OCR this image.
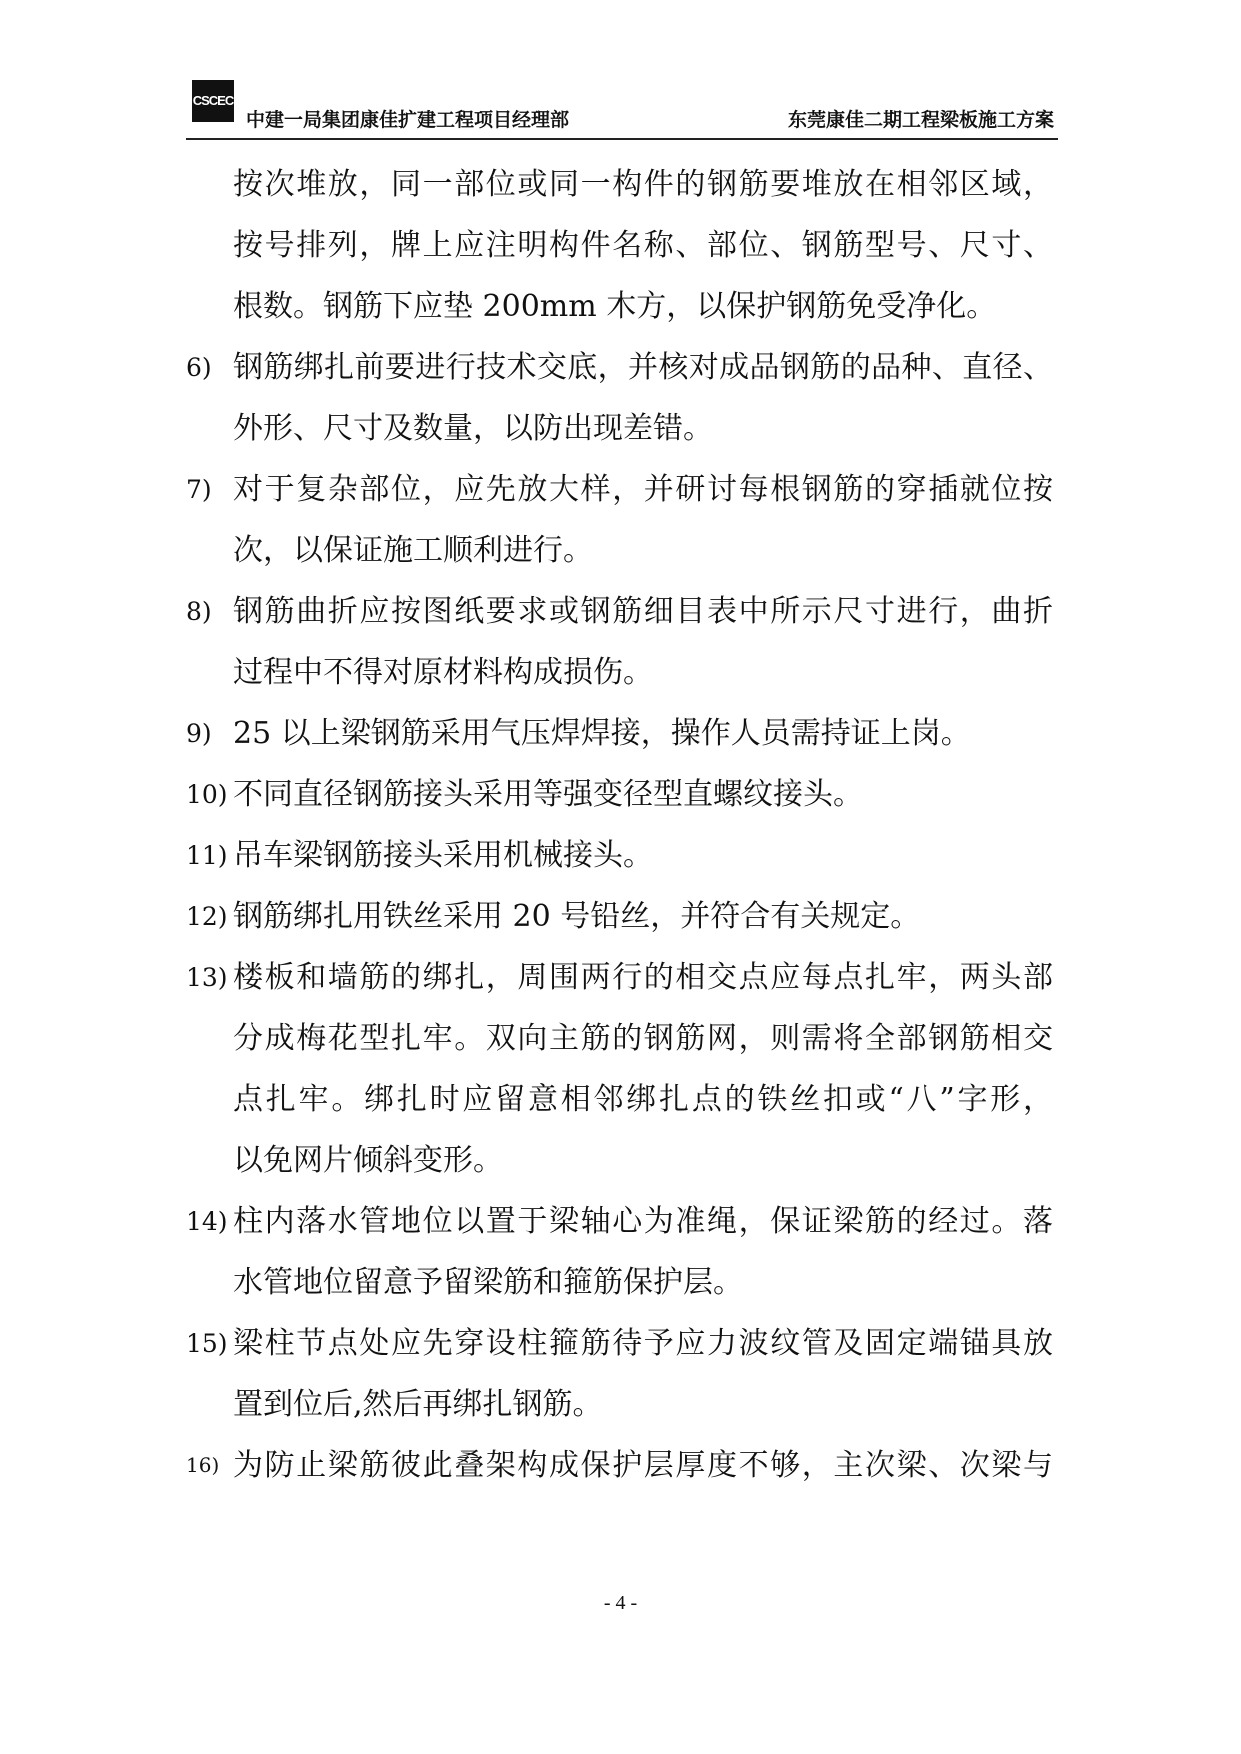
CSCEC
中建一局集团康佳扩建工程项目经理部	东莞康佳二期工程梁板施工方案
按次堆放，同一部位或同一构件的钢筋要堆放在相邻区域，
按号排列，牌上应注明构件名称、部位、钢筋型号、尺寸、
根数。钢筋下应垫 200mm 木方，以保护钢筋免受净化。
6) 钢筋绑扎前要进行技术交底，并核对成品钢筋的品种、直径、
外形、尺寸及数量，以防出现差错。
7) 对于复杂部位，应先放大样，并研讨每根钢筋的穿插就位按
次，以保证施工顺利进行。
8) 钢筋曲折应按图纸要求或钢筋细目表中所示尺寸进行，曲折
过程中不得对原材料构成损伤。
9) 25 以上梁钢筋采用气压焊焊接，操作人员需持证上岗。
10) 不同直径钢筋接头采用等强变径型直螺纹接头。
11) 吊车梁钢筋接头采用机械接头。
12) 钢筋绑扎用铁丝采用 20 号铅丝，并符合有关规定。
13) 楼板和墙筋的绑扎，周围两行的相交点应每点扎牢，两头部
分成梅花型扎牢。双向主筋的钢筋网，则需将全部钢筋相交
点扎牢。绑扎时应留意相邻绑扎点的铁丝扣或“八”字形，
以免网片倾斜变形。
14) 柱内落水管地位以置于梁轴心为准绳，保证梁筋的经过。落
水管地位留意予留梁筋和箍筋保护层。
15) 梁柱节点处应先穿设柱箍筋待予应力波纹管及固定端锚具放
置到位后,然后再绑扎钢筋。
16) 为防止梁筋彼此叠架构成保护层厚度不够，主次梁、次梁与
- 4 -
